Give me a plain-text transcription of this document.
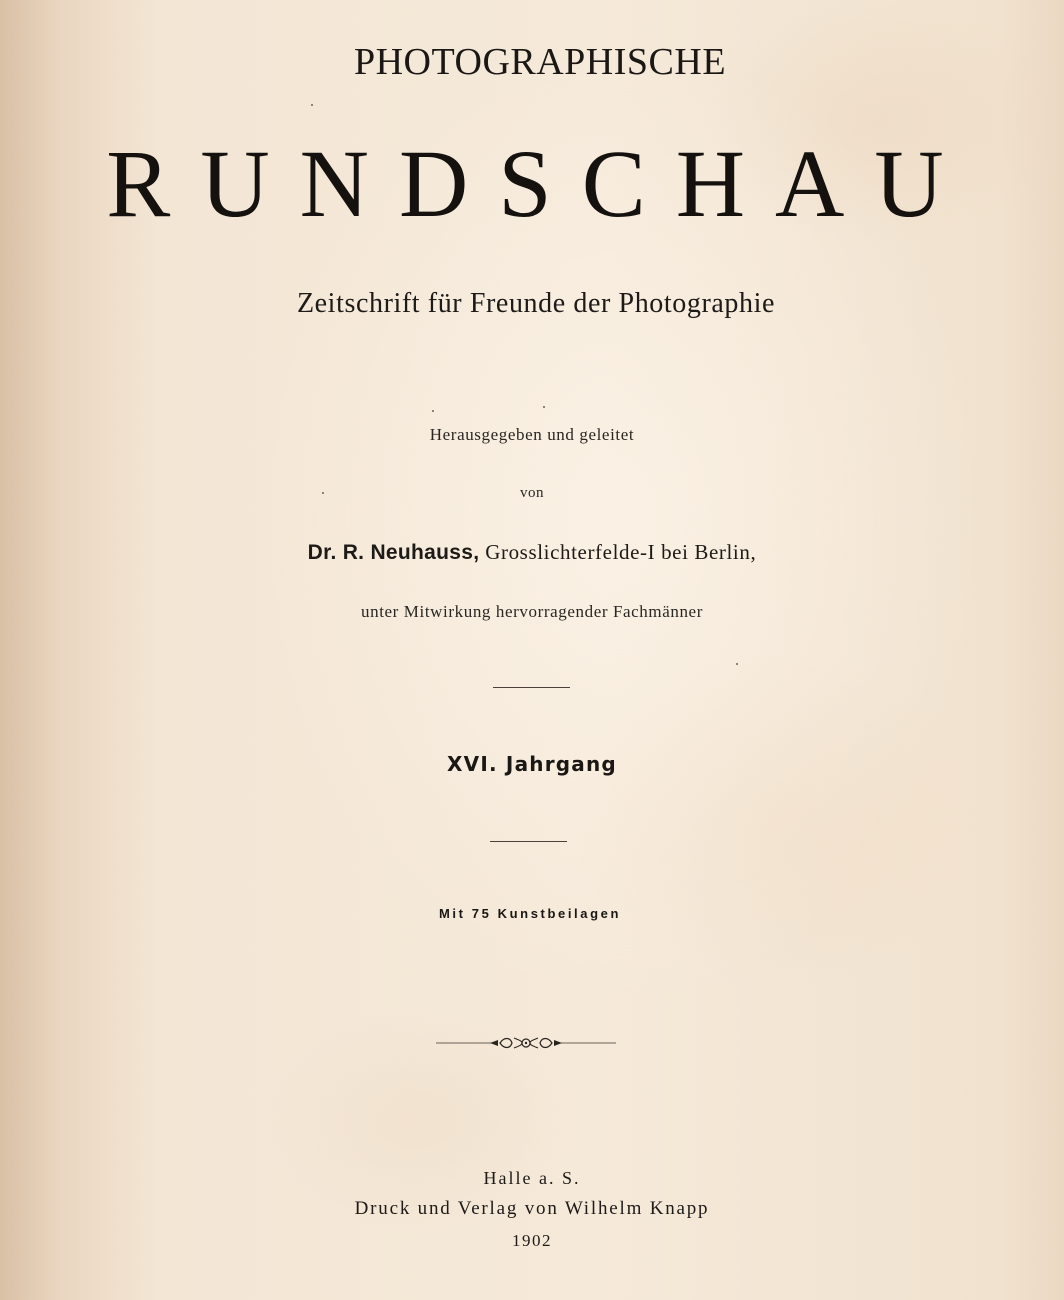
PHOTOGRAPHISCHE
RUNDSCHAU
Zeitschrift für Freunde der Photographie
Herausgegeben und geleitet
von
Dr. R. Neuhauss, Grosslichterfelde-I bei Berlin,
unter Mitwirkung hervorragender Fachmänner
XVI. Jahrgang
Mit 75 Kunstbeilagen
Halle a. S.
Druck und Verlag von Wilhelm Knapp
1902
